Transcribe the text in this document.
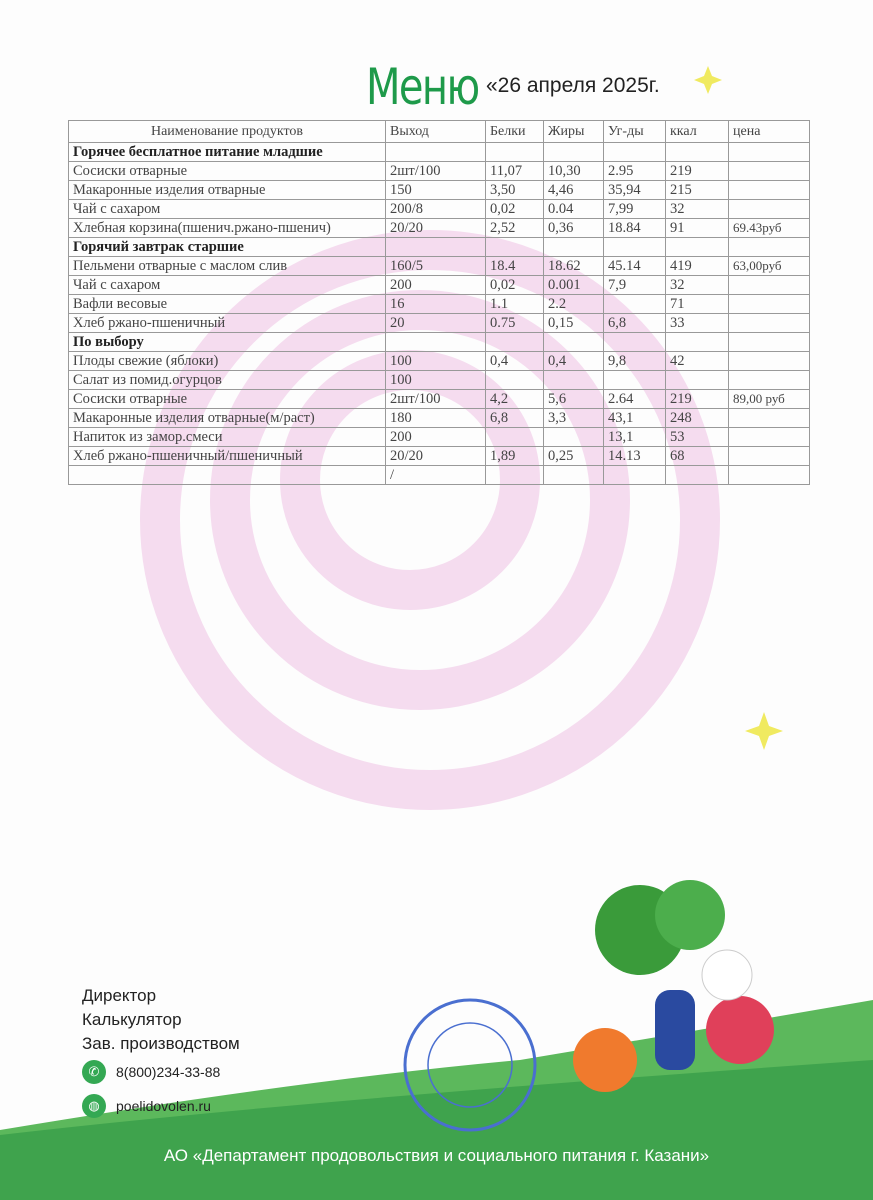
Меню «26 апреля 2025г.
Наименование продуктов	Выход	Белки	Жиры	Уг-ды	ккал	цена
Горячее бесплатное питание младшие						
Сосиски отварные	2шт/100	11,07	10,30	2.95	219	
Макаронные изделия отварные	150	3,50	4,46	35,94	215	
Чай с сахаром	200/8	0,02	0.04	7,99	32	
Хлебная корзина(пшенич.ржано-пшенич)	20/20	2,52	0,36	18.84	91	69.43руб
Горячий завтрак старшие						
Пельмени отварные с маслом слив	160/5	18.4	18.62	45.14	419	63,00руб
Чай с сахаром	200	0,02	0.001	7,9	32	
Вафли весовые	16	1.1	2.2		71	
Хлеб ржано-пшеничный	20	0.75	0,15	6,8	33	
По выбору						
Плоды свежие (яблоки)	100	0,4	0,4	9,8	42	
Салат из помид.огурцов	100					
Сосиски отварные	2шт/100	4,2	5,6	2.64	219	89,00 руб
Макаронные изделия отварные(м/раст)	180	6,8	3,3	43,1	248	
Напиток из замор.смеси	200			13,1	53	
Хлеб ржано-пшеничный/пшеничный	20/20	1,89	0,25	14.13	68	
	/					
Директор
Калькулятор
Зав. производством
✆	8(800)234-33-88
◍	poelidovolen.ru
АО «Департамент продовольствия и социального питания г. Казани»
